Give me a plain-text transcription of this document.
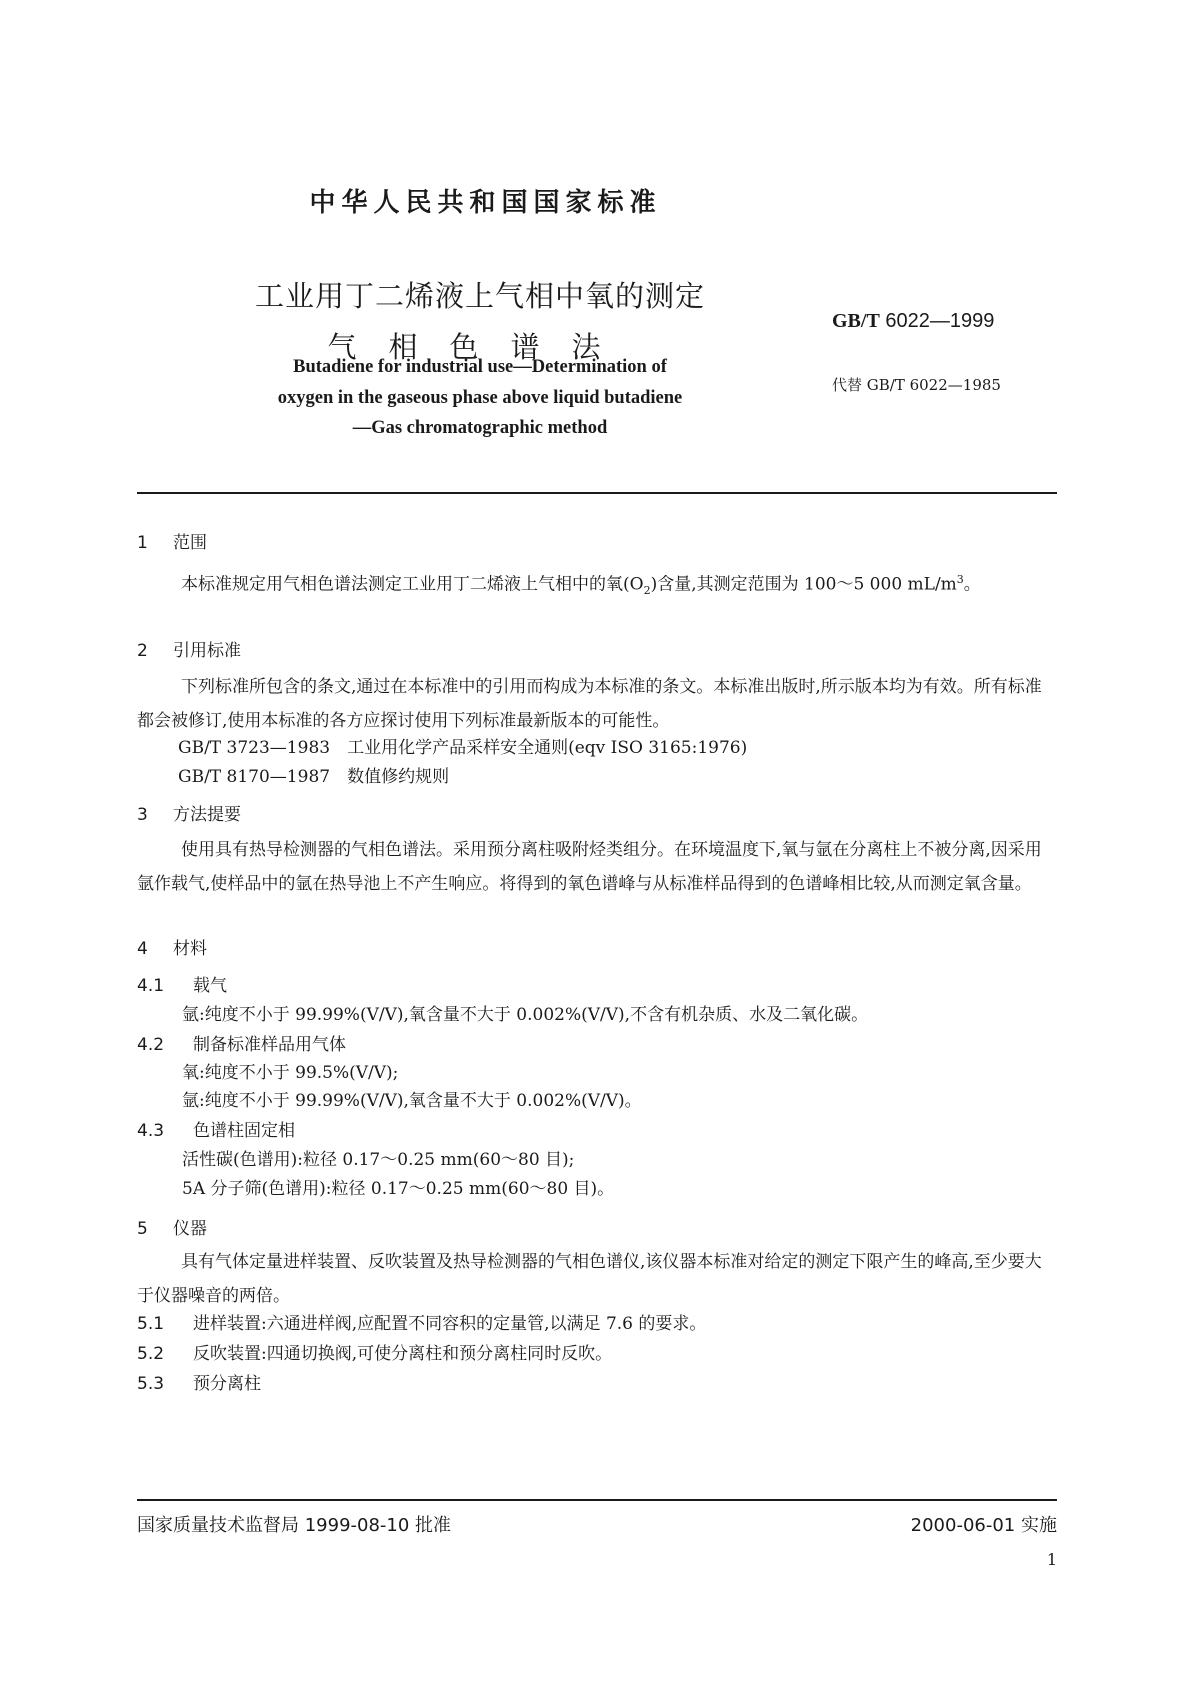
中华人民共和国国家标准
工业用丁二烯液上气相中氧的测定
气相色谱法
Butadiene for industrial use—Determination of
oxygen in the gaseous phase above liquid butadiene
—Gas chromatographic method
GB/T 6022—1999
代替 GB/T 6022—1985
1 范围
本标准规定用气相色谱法测定工业用丁二烯液上气相中的氧$(O_2)$含量,其测定范围为 100～5 000 $mL/m^3$。
2 引用标准
下列标准所包含的条文,通过在本标准中的引用而构成为本标准的条文。本标准出版时,所示版本均为有效。所有标准都会被修订,使用本标准的各方应探讨使用下列标准最新版本的可能性。
GB/T 3723—1983　工业用化学产品采样安全通则(eqv ISO 3165:1976)
GB/T 8170—1987　数值修约规则
3 方法提要
使用具有热导检测器的气相色谱法。采用预分离柱吸附烃类组分。在环境温度下,氧与氩在分离柱上不被分离,因采用氩作载气,使样品中的氩在热导池上不产生响应。将得到的氧色谱峰与从标准样品得到的色谱峰相比较,从而测定氧含量。
4 材料
4.1 载气
氩:纯度不小于 99.99%(V/V),氧含量不大于 0.002%(V/V),不含有机杂质、水及二氧化碳。
4.2 制备标准样品用气体
氧:纯度不小于 99.5%(V/V);
氩:纯度不小于 99.99%(V/V),氧含量不大于 0.002%(V/V)。
4.3 色谱柱固定相
活性碳(色谱用):粒径 0.17～0.25 mm(60～80 目);
5A 分子筛(色谱用):粒径 0.17～0.25 mm(60～80 目)。
5 仪器
具有气体定量进样装置、反吹装置及热导检测器的气相色谱仪,该仪器本标准对给定的测定下限产生的峰高,至少要大于仪器噪音的两倍。
5.1 进样装置:六通进样阀,应配置不同容积的定量管,以满足 7.6 的要求。
5.2 反吹装置:四通切换阀,可使分离柱和预分离柱同时反吹。
5.3 预分离柱
国家质量技术监督局 1999-08-10 批准	2000-06-01 实施
1
